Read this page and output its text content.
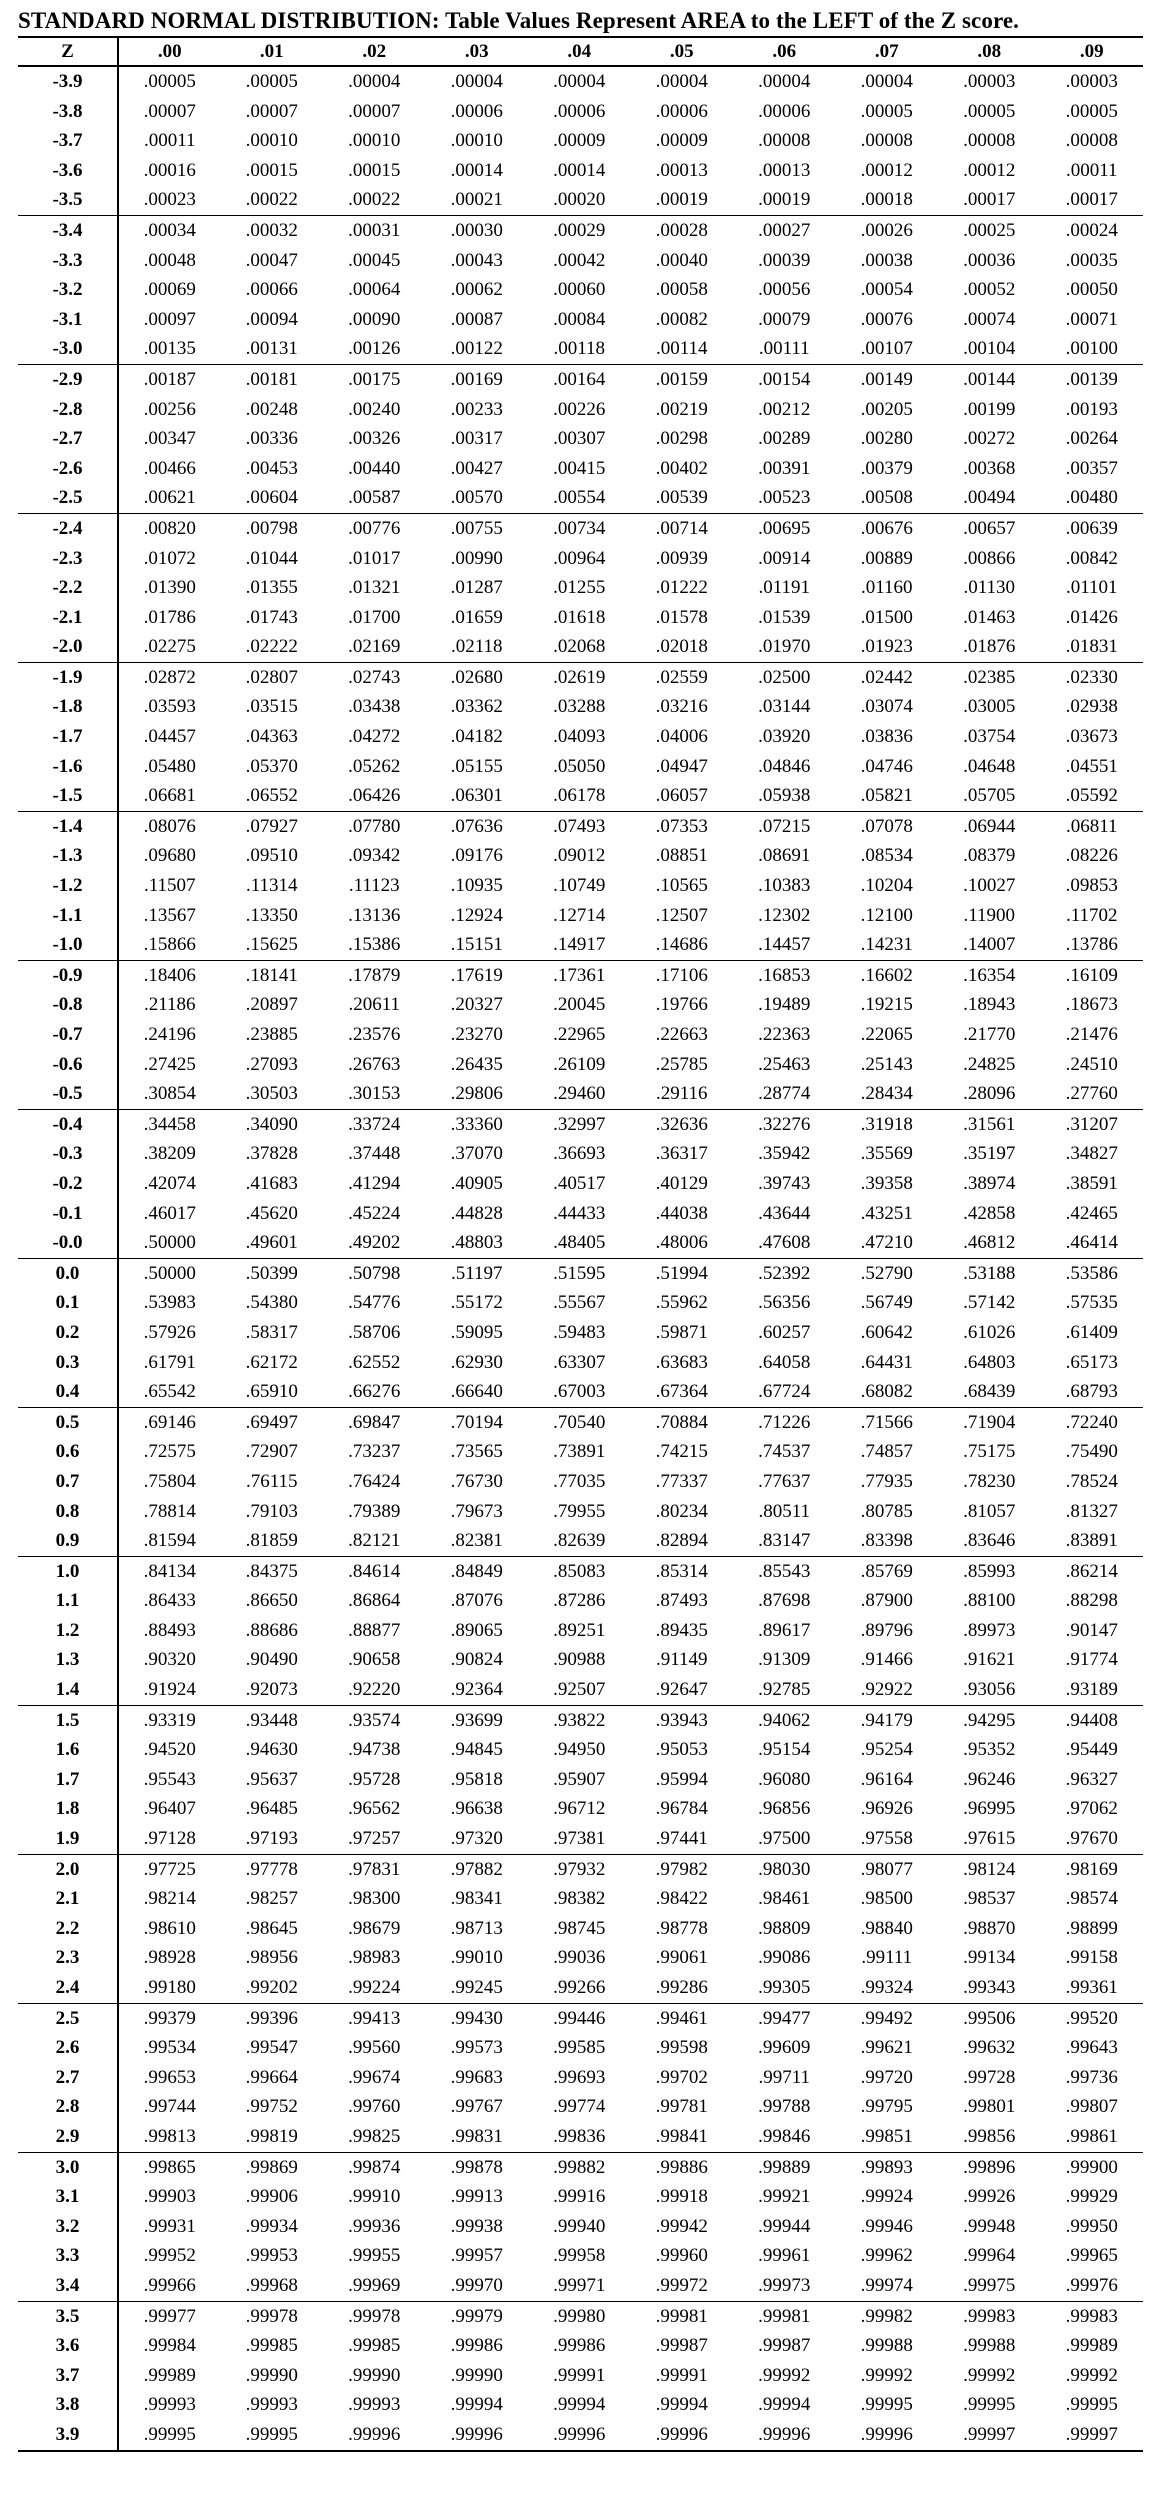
STANDARD NORMAL DISTRIBUTION: Table Values Represent AREA to the LEFT of the Z score.
Z	.00	.01	.02	.03	.04	.05	.06	.07	.08	.09
-3.9	.00005	.00005	.00004	.00004	.00004	.00004	.00004	.00004	.00003	.00003
-3.8	.00007	.00007	.00007	.00006	.00006	.00006	.00006	.00005	.00005	.00005
-3.7	.00011	.00010	.00010	.00010	.00009	.00009	.00008	.00008	.00008	.00008
-3.6	.00016	.00015	.00015	.00014	.00014	.00013	.00013	.00012	.00012	.00011
-3.5	.00023	.00022	.00022	.00021	.00020	.00019	.00019	.00018	.00017	.00017
-3.4	.00034	.00032	.00031	.00030	.00029	.00028	.00027	.00026	.00025	.00024
-3.3	.00048	.00047	.00045	.00043	.00042	.00040	.00039	.00038	.00036	.00035
-3.2	.00069	.00066	.00064	.00062	.00060	.00058	.00056	.00054	.00052	.00050
-3.1	.00097	.00094	.00090	.00087	.00084	.00082	.00079	.00076	.00074	.00071
-3.0	.00135	.00131	.00126	.00122	.00118	.00114	.00111	.00107	.00104	.00100
-2.9	.00187	.00181	.00175	.00169	.00164	.00159	.00154	.00149	.00144	.00139
-2.8	.00256	.00248	.00240	.00233	.00226	.00219	.00212	.00205	.00199	.00193
-2.7	.00347	.00336	.00326	.00317	.00307	.00298	.00289	.00280	.00272	.00264
-2.6	.00466	.00453	.00440	.00427	.00415	.00402	.00391	.00379	.00368	.00357
-2.5	.00621	.00604	.00587	.00570	.00554	.00539	.00523	.00508	.00494	.00480
-2.4	.00820	.00798	.00776	.00755	.00734	.00714	.00695	.00676	.00657	.00639
-2.3	.01072	.01044	.01017	.00990	.00964	.00939	.00914	.00889	.00866	.00842
-2.2	.01390	.01355	.01321	.01287	.01255	.01222	.01191	.01160	.01130	.01101
-2.1	.01786	.01743	.01700	.01659	.01618	.01578	.01539	.01500	.01463	.01426
-2.0	.02275	.02222	.02169	.02118	.02068	.02018	.01970	.01923	.01876	.01831
-1.9	.02872	.02807	.02743	.02680	.02619	.02559	.02500	.02442	.02385	.02330
-1.8	.03593	.03515	.03438	.03362	.03288	.03216	.03144	.03074	.03005	.02938
-1.7	.04457	.04363	.04272	.04182	.04093	.04006	.03920	.03836	.03754	.03673
-1.6	.05480	.05370	.05262	.05155	.05050	.04947	.04846	.04746	.04648	.04551
-1.5	.06681	.06552	.06426	.06301	.06178	.06057	.05938	.05821	.05705	.05592
-1.4	.08076	.07927	.07780	.07636	.07493	.07353	.07215	.07078	.06944	.06811
-1.3	.09680	.09510	.09342	.09176	.09012	.08851	.08691	.08534	.08379	.08226
-1.2	.11507	.11314	.11123	.10935	.10749	.10565	.10383	.10204	.10027	.09853
-1.1	.13567	.13350	.13136	.12924	.12714	.12507	.12302	.12100	.11900	.11702
-1.0	.15866	.15625	.15386	.15151	.14917	.14686	.14457	.14231	.14007	.13786
-0.9	.18406	.18141	.17879	.17619	.17361	.17106	.16853	.16602	.16354	.16109
-0.8	.21186	.20897	.20611	.20327	.20045	.19766	.19489	.19215	.18943	.18673
-0.7	.24196	.23885	.23576	.23270	.22965	.22663	.22363	.22065	.21770	.21476
-0.6	.27425	.27093	.26763	.26435	.26109	.25785	.25463	.25143	.24825	.24510
-0.5	.30854	.30503	.30153	.29806	.29460	.29116	.28774	.28434	.28096	.27760
-0.4	.34458	.34090	.33724	.33360	.32997	.32636	.32276	.31918	.31561	.31207
-0.3	.38209	.37828	.37448	.37070	.36693	.36317	.35942	.35569	.35197	.34827
-0.2	.42074	.41683	.41294	.40905	.40517	.40129	.39743	.39358	.38974	.38591
-0.1	.46017	.45620	.45224	.44828	.44433	.44038	.43644	.43251	.42858	.42465
-0.0	.50000	.49601	.49202	.48803	.48405	.48006	.47608	.47210	.46812	.46414
0.0	.50000	.50399	.50798	.51197	.51595	.51994	.52392	.52790	.53188	.53586
0.1	.53983	.54380	.54776	.55172	.55567	.55962	.56356	.56749	.57142	.57535
0.2	.57926	.58317	.58706	.59095	.59483	.59871	.60257	.60642	.61026	.61409
0.3	.61791	.62172	.62552	.62930	.63307	.63683	.64058	.64431	.64803	.65173
0.4	.65542	.65910	.66276	.66640	.67003	.67364	.67724	.68082	.68439	.68793
0.5	.69146	.69497	.69847	.70194	.70540	.70884	.71226	.71566	.71904	.72240
0.6	.72575	.72907	.73237	.73565	.73891	.74215	.74537	.74857	.75175	.75490
0.7	.75804	.76115	.76424	.76730	.77035	.77337	.77637	.77935	.78230	.78524
0.8	.78814	.79103	.79389	.79673	.79955	.80234	.80511	.80785	.81057	.81327
0.9	.81594	.81859	.82121	.82381	.82639	.82894	.83147	.83398	.83646	.83891
1.0	.84134	.84375	.84614	.84849	.85083	.85314	.85543	.85769	.85993	.86214
1.1	.86433	.86650	.86864	.87076	.87286	.87493	.87698	.87900	.88100	.88298
1.2	.88493	.88686	.88877	.89065	.89251	.89435	.89617	.89796	.89973	.90147
1.3	.90320	.90490	.90658	.90824	.90988	.91149	.91309	.91466	.91621	.91774
1.4	.91924	.92073	.92220	.92364	.92507	.92647	.92785	.92922	.93056	.93189
1.5	.93319	.93448	.93574	.93699	.93822	.93943	.94062	.94179	.94295	.94408
1.6	.94520	.94630	.94738	.94845	.94950	.95053	.95154	.95254	.95352	.95449
1.7	.95543	.95637	.95728	.95818	.95907	.95994	.96080	.96164	.96246	.96327
1.8	.96407	.96485	.96562	.96638	.96712	.96784	.96856	.96926	.96995	.97062
1.9	.97128	.97193	.97257	.97320	.97381	.97441	.97500	.97558	.97615	.97670
2.0	.97725	.97778	.97831	.97882	.97932	.97982	.98030	.98077	.98124	.98169
2.1	.98214	.98257	.98300	.98341	.98382	.98422	.98461	.98500	.98537	.98574
2.2	.98610	.98645	.98679	.98713	.98745	.98778	.98809	.98840	.98870	.98899
2.3	.98928	.98956	.98983	.99010	.99036	.99061	.99086	.99111	.99134	.99158
2.4	.99180	.99202	.99224	.99245	.99266	.99286	.99305	.99324	.99343	.99361
2.5	.99379	.99396	.99413	.99430	.99446	.99461	.99477	.99492	.99506	.99520
2.6	.99534	.99547	.99560	.99573	.99585	.99598	.99609	.99621	.99632	.99643
2.7	.99653	.99664	.99674	.99683	.99693	.99702	.99711	.99720	.99728	.99736
2.8	.99744	.99752	.99760	.99767	.99774	.99781	.99788	.99795	.99801	.99807
2.9	.99813	.99819	.99825	.99831	.99836	.99841	.99846	.99851	.99856	.99861
3.0	.99865	.99869	.99874	.99878	.99882	.99886	.99889	.99893	.99896	.99900
3.1	.99903	.99906	.99910	.99913	.99916	.99918	.99921	.99924	.99926	.99929
3.2	.99931	.99934	.99936	.99938	.99940	.99942	.99944	.99946	.99948	.99950
3.3	.99952	.99953	.99955	.99957	.99958	.99960	.99961	.99962	.99964	.99965
3.4	.99966	.99968	.99969	.99970	.99971	.99972	.99973	.99974	.99975	.99976
3.5	.99977	.99978	.99978	.99979	.99980	.99981	.99981	.99982	.99983	.99983
3.6	.99984	.99985	.99985	.99986	.99986	.99987	.99987	.99988	.99988	.99989
3.7	.99989	.99990	.99990	.99990	.99991	.99991	.99992	.99992	.99992	.99992
3.8	.99993	.99993	.99993	.99994	.99994	.99994	.99994	.99995	.99995	.99995
3.9	.99995	.99995	.99996	.99996	.99996	.99996	.99996	.99996	.99997	.99997
